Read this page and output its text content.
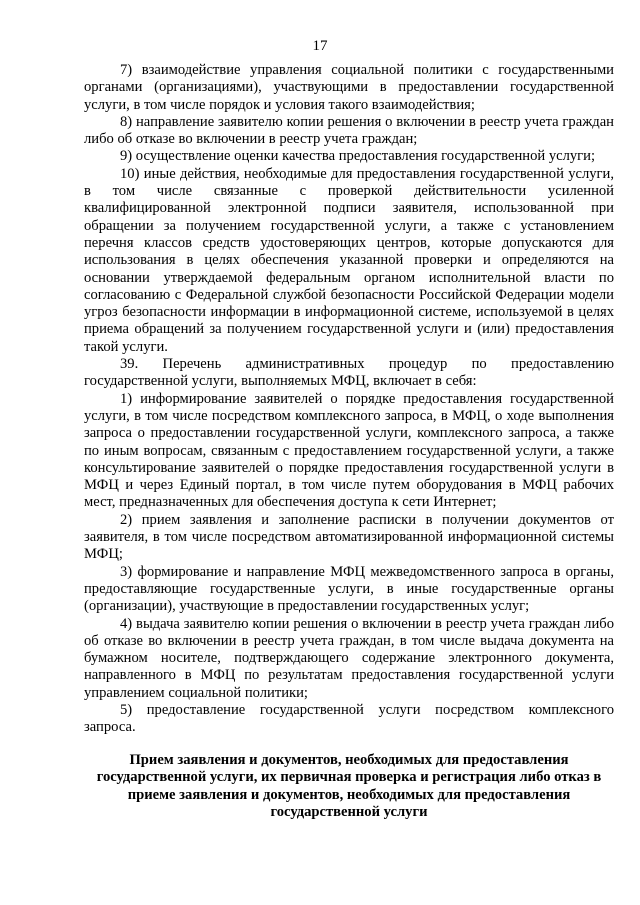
17

7) взаимодействие управления социальной политики с государственными органами (организациями), участвующими в предоставлении государственной услуги, в том числе порядок и условия такого взаимодействия;

8) направление заявителю копии решения о включении в реестр учета граждан либо об отказе во включении в реестр учета граждан;

9) осуществление оценки качества предоставления государственной услуги;

10) иные действия, необходимые для предоставления государственной услуги, в том числе связанные с проверкой действительности усиленной квалифицированной электронной подписи заявителя, использованной при обращении за получением государственной услуги, а также с установлением перечня классов средств удостоверяющих центров, которые допускаются для использования в целях обеспечения указанной проверки и определяются на основании утверждаемой федеральным органом исполнительной власти по согласованию с Федеральной службой безопасности Российской Федерации модели угроз безопасности информации в информационной системе, используемой в целях приема обращений за получением государственной услуги и (или) предоставления такой услуги.

39. Перечень административных процедур по предоставлению государственной услуги, выполняемых МФЦ, включает в себя:

1) информирование заявителей о порядке предоставления государственной услуги, в том числе посредством комплексного запроса, в МФЦ, о ходе выполнения запроса о предоставлении государственной услуги, комплексного запроса, а также по иным вопросам, связанным с предоставлением государственной услуги, а также консультирование заявителей о порядке предоставления государственной услуги в МФЦ и через Единый портал, в том числе путем оборудования в МФЦ рабочих мест, предназначенных для обеспечения доступа к сети Интернет;

2) прием заявления и заполнение расписки в получении документов от заявителя, в том числе посредством автоматизированной информационной системы МФЦ;

3) формирование и направление МФЦ межведомственного запроса в органы, предоставляющие государственные услуги, в иные государственные органы (организации), участвующие в предоставлении государственных услуг;

4) выдача заявителю копии решения о включении в реестр учета граждан либо об отказе во включении в реестр учета граждан, в том числе выдача документа на бумажном носителе, подтверждающего содержание электронного документа, направленного в МФЦ по результатам предоставления государственной услуги управлением социальной политики;

5) предоставление государственной услуги посредством комплексного запроса.

Прием заявления и документов, необходимых для предоставления государственной услуги, их первичная проверка и регистрация либо отказ в приеме заявления и документов, необходимых для предоставления государственной услуги
